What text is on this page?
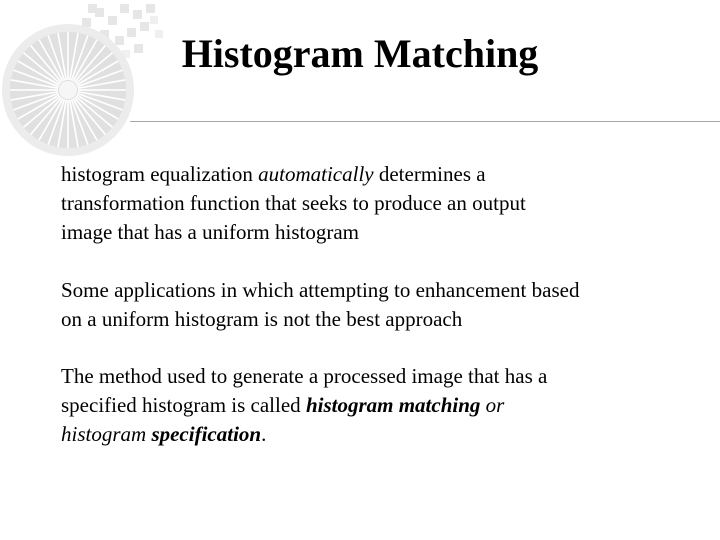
Histogram Matching
histogram equalization automatically determines a
transformation function that seeks to produce an output
image that has a uniform histogram
Some applications in which attempting to enhancement based
on a uniform histogram is not the best approach
The method used to generate a processed image that has a
specified histogram is called histogram matching or
histogram specification.
